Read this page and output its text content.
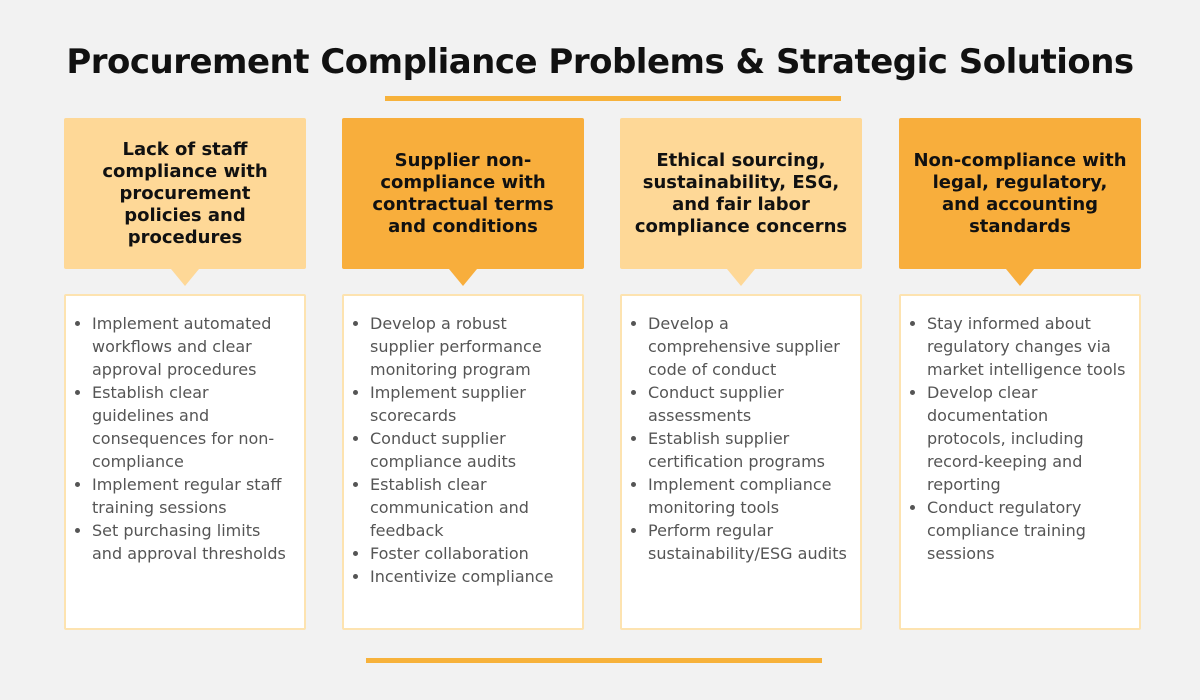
Procurement Compliance Problems & Strategic Solutions
Lack of staff compliance with procurement policies and procedures
• Implement automated workflows and clear approval procedures
• Establish clear guidelines and consequences for non-compliance
• Implement regular staff training sessions
• Set purchasing limits and approval thresholds
Supplier non-compliance with contractual terms and conditions
• Develop a robust supplier performance monitoring program
• Implement supplier scorecards
• Conduct supplier compliance audits
• Establish clear communication and feedback
• Foster collaboration
• Incentivize compliance
Ethical sourcing, sustainability, ESG, and fair labor compliance concerns
• Develop a comprehensive supplier code of conduct
• Conduct supplier assessments
• Establish supplier certification programs
• Implement compliance monitoring tools
• Perform regular sustainability/ESG audits
Non-compliance with legal, regulatory, and accounting standards
• Stay informed about regulatory changes via market intelligence tools
• Develop clear documentation protocols, including record-keeping and reporting
• Conduct regulatory compliance training sessions
